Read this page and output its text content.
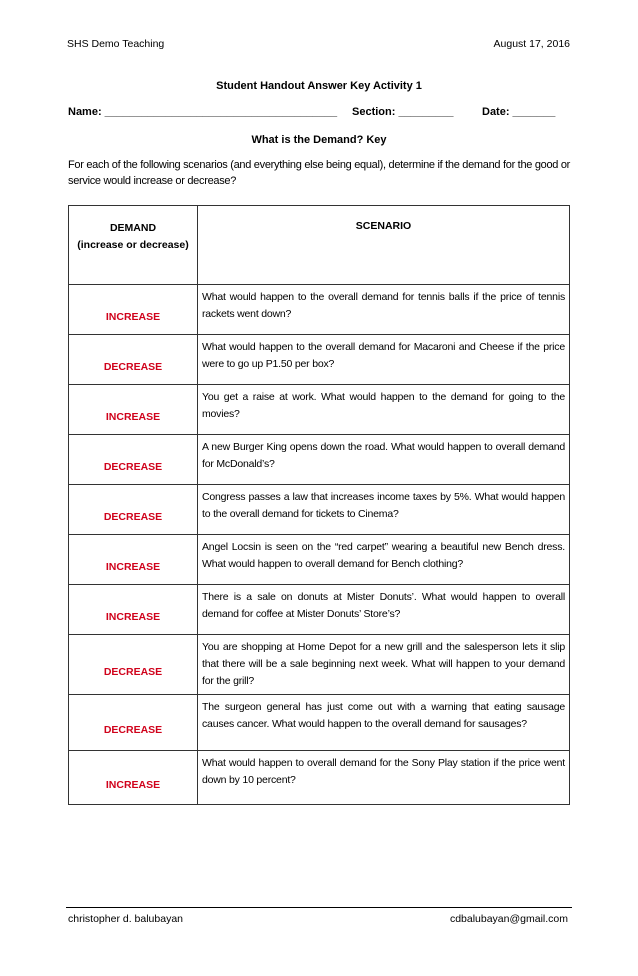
SHS Demo Teaching	August 17, 2016
Student Handout Answer Key Activity 1
Name: ______________________________________ Section: _________	Date: _______
What is the Demand? Key
For each of the following scenarios (and everything else being equal), determine if the demand for the good or service would increase or decrease?
DEMAND
(increase or decrease)	SCENARIO
INCREASE	What would happen to the overall demand for tennis balls if the price of tennis rackets went down?
DECREASE	What would happen to the overall demand for Macaroni and Cheese if the price were to go up P1.50 per box?
INCREASE	You get a raise at work. What would happen to the demand for going to the movies?
DECREASE	A new Burger King opens down the road. What would happen to overall demand for McDonald’s?
DECREASE	Congress passes a law that increases income taxes by 5%. What would happen to the overall demand for tickets to Cinema?
INCREASE	Angel Locsin is seen on the “red carpet” wearing a beautiful new Bench dress. What would happen to overall demand for Bench clothing?
INCREASE	There is a sale on donuts at Mister Donuts’. What would happen to overall demand for coffee at Mister Donuts’ Store’s?
DECREASE	You are shopping at Home Depot for a new grill and the salesperson lets it slip that there will be a sale beginning next week. What will happen to your demand for the grill?
DECREASE	The surgeon general has just come out with a warning that eating sausage causes cancer. What would happen to the overall demand for sausages?
INCREASE	What would happen to overall demand for the Sony Play station if the price went down by 10 percent?
christopher d. balubayan	cdbalubayan@gmail.com
